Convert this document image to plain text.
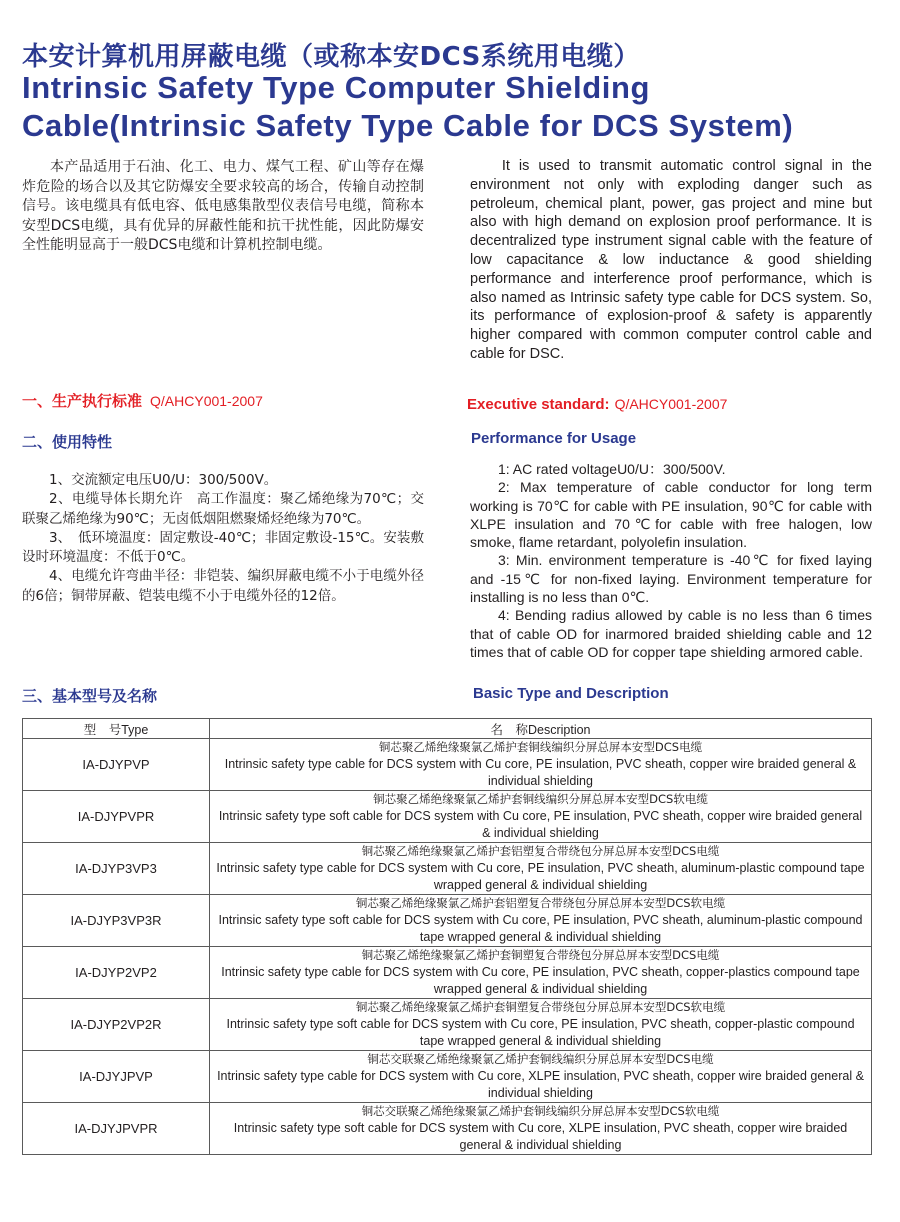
本安计算机用屏蔽电缆（或称本安DCS系统用电缆）
Intrinsic Safety Type Computer Shielding
Cable(Intrinsic Safety Type Cable for DCS System)

本产品适用于石油、化工、电力、煤气工程、矿山等存在爆炸危险的场合以及其它防爆安全要求较高的场合，传输自动控制信号。该电缆具有低电容、低电感集散型仪表信号电缆，简称本安型DCS电缆，具有优异的屏蔽性能和抗干扰性能，因此防爆安全性能明显高于一般DCS电缆和计算机控制电缆。

It is used to transmit automatic control signal in the environment not only with exploding danger such as petroleum, chemical plant, power, gas project and mine but also with high demand on explosion proof performance. It is decentralized type instrument signal cable with the feature of low capacitance & low inductance & good shielding performance and interference proof performance, which is also named as Intrinsic safety type cable for DCS system. So, its performance of explosion-proof & safety is apparently higher compared with common computer control cable and cable for DSC.

一、生产执行标准 Q/AHCY001-2007	Executive standard: Q/AHCY001-2007
二、使用特性	Performance for Usage

1、交流额定电压U0/U：300/500V。

2、电缆导体长期允许　高工作温度：聚乙烯绝缘为70℃；交联聚乙烯绝缘为90℃；无卤低烟阻燃聚烯烃绝缘为70℃。

3、　低环境温度：固定敷设-40℃；非固定敷设-15℃。安装敷设时环境温度：不低于0℃。

4、电缆允许弯曲半径：非铠装、编织屏蔽电缆不小于电缆外径的6倍；铜带屏蔽、铠装电缆不小于电缆外径的12倍。

1: AC rated voltageU0/U：300/500V.

2: Max temperature of cable conductor for long term working is 70℃ for cable with PE insulation, 90℃ for cable with XLPE insulation and 70℃for cable with free halogen, low smoke, flame retardant, polyolefin insulation.

3: Min. environment temperature is -40℃ for fixed laying and -15℃ for non-fixed laying. Environment temperature for installing is no less than 0℃.

4: Bending radius allowed by cable is no less than 6 times that of cable OD for inarmored braided shielding cable and 12 times that of cable OD for copper tape shielding armored cable.

三、基本型号及名称	Basic Type and Description
型　号Type	名　称Description
IA-DJYPVP	铜芯聚乙烯绝缘聚氯乙烯护套铜线编织分屏总屏本安型DCS电缆
Intrinsic safety type cable for DCS system with Cu core, PE insulation, PVC sheath, copper wire braided general & individual shielding

IA-DJYPVPR	铜芯聚乙烯绝缘聚氯乙烯护套铜线编织分屏总屏本安型DCS软电缆
Intrinsic safety type soft cable for DCS system with Cu core, PE insulation, PVC sheath, copper wire braided general & individual shielding

IA-DJYP3VP3	铜芯聚乙烯绝缘聚氯乙烯护套铝塑复合带绕包分屏总屏本安型DCS电缆
Intrinsic safety type cable for DCS system with Cu core, PE insulation, PVC sheath, aluminum-plastic compound tape wrapped general & individual shielding

IA-DJYP3VP3R	铜芯聚乙烯绝缘聚氯乙烯护套铝塑复合带绕包分屏总屏本安型DCS软电缆
Intrinsic safety type soft cable for DCS system with Cu core, PE insulation, PVC sheath, aluminum-plastic compound tape wrapped general & individual shielding

IA-DJYP2VP2	铜芯聚乙烯绝缘聚氯乙烯护套铜塑复合带绕包分屏总屏本安型DCS电缆
Intrinsic safety type cable for DCS system with Cu core, PE insulation, PVC sheath, copper-plastics compound tape wrapped general & individual shielding

IA-DJYP2VP2R	铜芯聚乙烯绝缘聚氯乙烯护套铜塑复合带绕包分屏总屏本安型DCS软电缆
Intrinsic safety type soft cable for DCS system with Cu core, PE insulation, PVC sheath, copper-plastic compound tape wrapped general & individual shielding

IA-DJYJPVP	铜芯交联聚乙烯绝缘聚氯乙烯护套铜线编织分屏总屏本安型DCS电缆
Intrinsic safety type cable for DCS system with Cu core, XLPE insulation, PVC sheath, copper wire braided general & individual shielding

IA-DJYJPVPR	铜芯交联聚乙烯绝缘聚氯乙烯护套铜线编织分屏总屏本安型DCS软电缆
Intrinsic safety type soft cable for DCS system with Cu core, XLPE insulation, PVC sheath, copper wire braided general & individual shielding
